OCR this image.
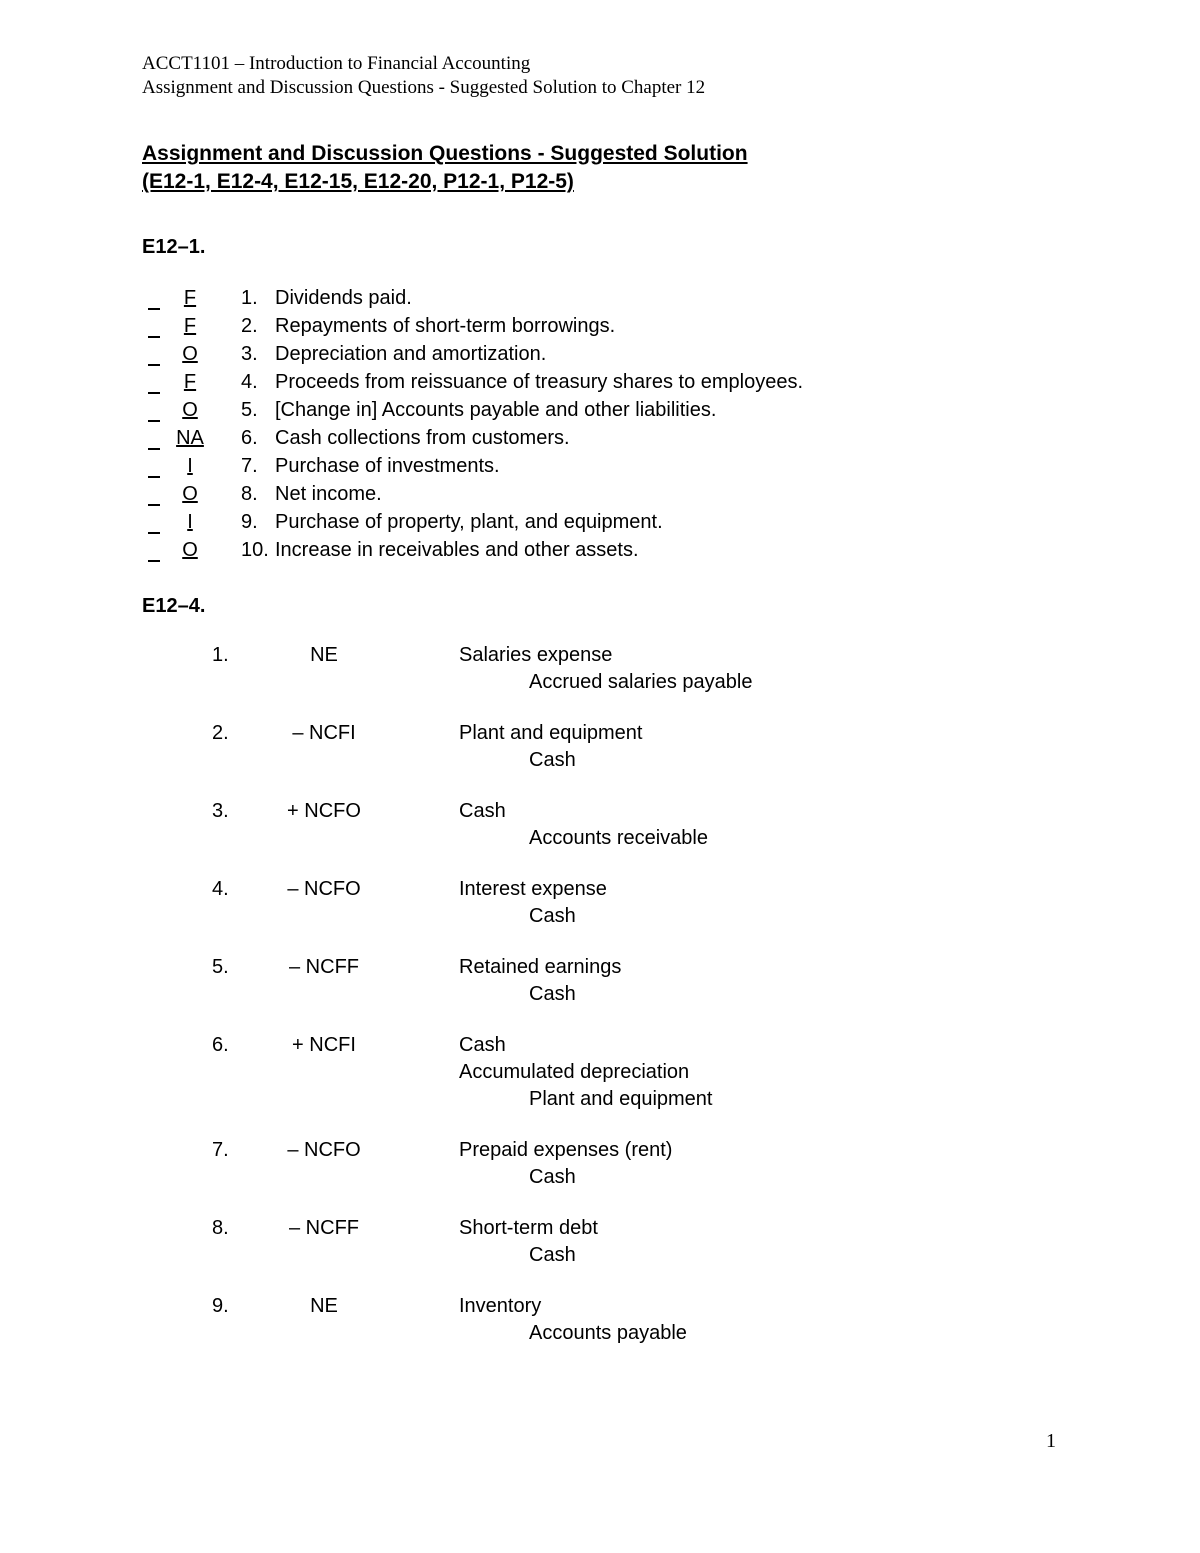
ACCT1101 – Introduction to Financial Accounting
Assignment and Discussion Questions - Suggested Solution to Chapter 12
Assignment and Discussion Questions - Suggested Solution
(E12-1, E12-4, E12-15, E12-20, P12-1, P12-5)
E12–1.
F	1. Dividends paid.
F	2. Repayments of short-term borrowings.
O	3. Depreciation and amortization.
F	4. Proceeds from reissuance of treasury shares to employees.
O	5. [Change in] Accounts payable and other liabilities.
NA	6. Cash collections from customers.
I	7. Purchase of investments.
O	8. Net income.
I	9. Purchase of property, plant, and equipment.
O	10. Increase in receivables and other assets.
E12–4.
1.	NE	Salaries expense
Accrued salaries payable
2.	– NCFI	Plant and equipment
Cash
3.	+ NCFO	Cash
Accounts receivable
4.	– NCFO	Interest expense
Cash
5.	– NCFF	Retained earnings
Cash
6.	+ NCFI	Cash
Accumulated depreciation
Plant and equipment
7.	– NCFO	Prepaid expenses (rent)
Cash
8.	– NCFF	Short-term debt
Cash
9.	NE	Inventory
Accounts payable
1
